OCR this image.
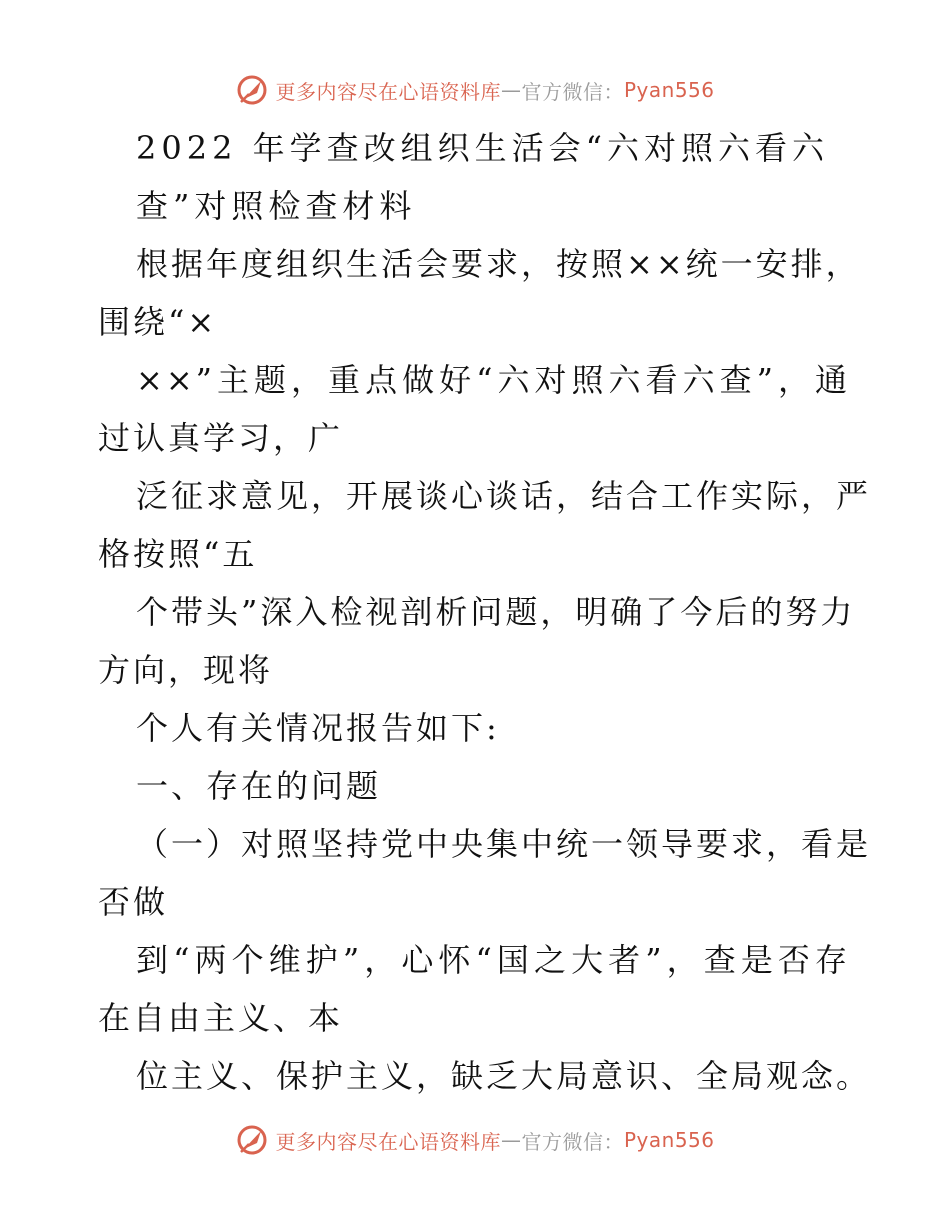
更多内容尽在心语资料库 — 官方微信： Pyan556
2022 年学查改组织生活会“六对照六看六
查”对照检查材料
根据年度组织生活会要求，按照××统一安排，
围绕“×
××”主题，重点做好“六对照六看六查”，通
过认真学习，广
泛征求意见，开展谈心谈话，结合工作实际，严
格按照“五
个带头”深入检视剖析问题，明确了今后的努力
方向，现将
个人有关情况报告如下:
一、存在的问题
（一）对照坚持党中央集中统一领导要求，看是
否做
到“两个维护”，心怀“国之大者”，查是否存
在自由主义、本
位主义、保护主义，缺乏大局意识、全局观念。
更多内容尽在心语资料库 — 官方微信： Pyan556
